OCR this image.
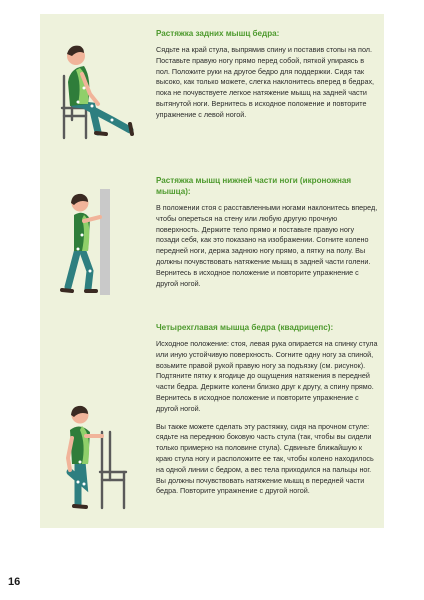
Растяжка задних мышц бедра:

Сядьте на край стула, выпрямив спину и поставив стопы на пол. Поставьте правую ногу прямо перед собой, пяткой упираясь в пол. Положите руки на другое бедро для поддержки. Сидя так высоко, как только можете, слегка наклонитесь вперед в бедрах, пока не почувствуете легкое натяжение мышц на задней части вытянутой ноги. Вернитесь в исходное положение и повторите упражнение с левой ногой.

Растяжка мышц нижней части ноги (икроножная мышца):

В положении стоя с расставленными ногами наклонитесь вперед, чтобы опереться на стену или любую другую прочную поверхность. Держите тело прямо и поставьте правую ногу позади себя, как это показано на изображении. Согните колено передней ноги, держа заднюю ногу прямо, а пятку на полу. Вы должны почувствовать натяжение мышц в задней части голени. Вернитесь в исходное положение и повторите упражнение с другой ногой.

Четырехглавая мышца бедра (квадрицепс):

Исходное положение: стоя, левая рука опирается на спинку стула или иную устойчивую поверхность. Согните одну ногу за спиной, возьмите правой рукой правую ногу за подъязку (см. рисунок). Подтяните пятку к ягодице до ощущения натяжения в передней части бедра. Держите колени близко друг к другу, а спину прямо. Вернитесь в исходное положение и повторите упражнение с другой ногой.

Вы также можете сделать эту растяжку, сидя на прочном стуле: сядьте на переднюю боковую часть стула (так, чтобы вы сидели только примерно на половине стула). Сдвиньте ближайшую к краю стула ногу и расположите ее так, чтобы колено находилось на одной линии с бедром, а вес тела приходился на пальцы ног. Вы должны почувствовать натяжение мышц в передней части бедра. Повторите упражнение с другой ногой.

16
